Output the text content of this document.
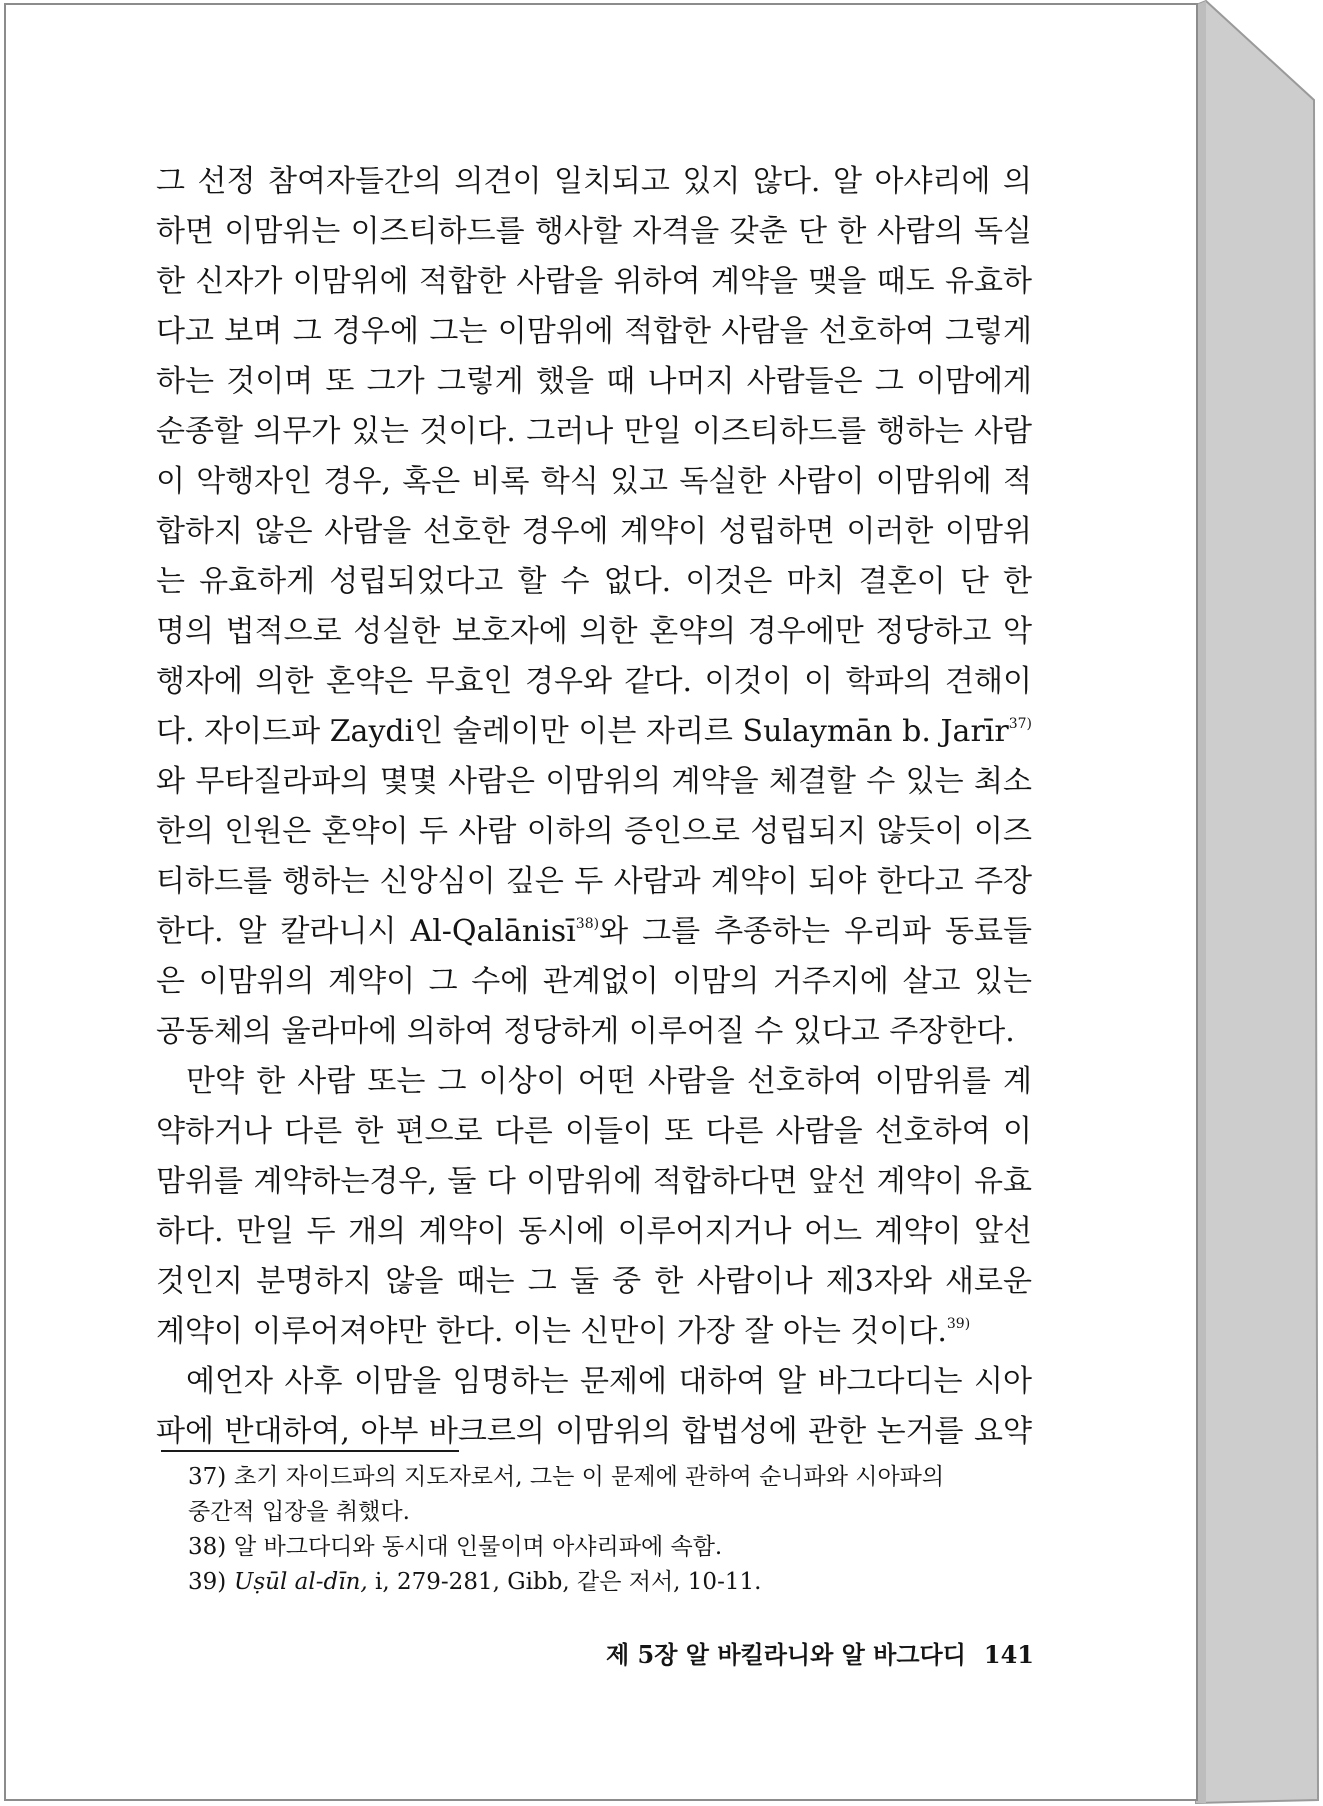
그 선정 참여자들간의 의견이 일치되고 있지 않다. 알 아샤리에 의
하면 이맘위는 이즈티하드를 행사할 자격을 갖춘 단 한 사람의 독실
한 신자가 이맘위에 적합한 사람을 위하여 계약을 맺을 때도 유효하
다고 보며 그 경우에 그는 이맘위에 적합한 사람을 선호하여 그렇게
하는 것이며 또 그가 그렇게 했을 때 나머지 사람들은 그 이맘에게
순종할 의무가 있는 것이다. 그러나 만일 이즈티하드를 행하는 사람
이 악행자인 경우, 혹은 비록 학식 있고 독실한 사람이 이맘위에 적
합하지 않은 사람을 선호한 경우에 계약이 성립하면 이러한 이맘위
는 유효하게 성립되었다고 할 수 없다. 이것은 마치 결혼이 단 한
명의 법적으로 성실한 보호자에 의한 혼약의 경우에만 정당하고 악
행자에 의한 혼약은 무효인 경우와 같다. 이것이 이 학파의 견해이
다. 자이드파 Zaydi인 술레이만 이븐 자리르 Sulaymān b. Jarīr$^{37)}$
와 무타질라파의 몇몇 사람은 이맘위의 계약을 체결할 수 있는 최소
한의 인원은 혼약이 두 사람 이하의 증인으로 성립되지 않듯이 이즈
티하드를 행하는 신앙심이 깊은 두 사람과 계약이 되야 한다고 주장
한다. 알 칼라니시 Al-Qalānisī$^{38)}$와 그를 추종하는 우리파 동료들
은 이맘위의 계약이 그 수에 관계없이 이맘의 거주지에 살고 있는
공동체의 울라마에 의하여 정당하게 이루어질 수 있다고 주장한다.
만약 한 사람 또는 그 이상이 어떤 사람을 선호하여 이맘위를 계
약하거나 다른 한 편으로 다른 이들이 또 다른 사람을 선호하여 이
맘위를 계약하는경우, 둘 다 이맘위에 적합하다면 앞선 계약이 유효
하다. 만일 두 개의 계약이 동시에 이루어지거나 어느 계약이 앞선
것인지 분명하지 않을 때는 그 둘 중 한 사람이나 제3자와 새로운
계약이 이루어져야만 한다. 이는 신만이 가장 잘 아는 것이다.$^{39)}$
예언자 사후 이맘을 임명하는 문제에 대하여 알 바그다디는 시아
파에 반대하여, 아부 바크르의 이맘위의 합법성에 관한 논거를 요약
37) 초기 자이드파의 지도자로서, 그는 이 문제에 관하여 순니파와 시아파의
중간적 입장을 취했다.
38) 알 바그다디와 동시대 인물이며 아샤리파에 속함.
39) Uṣūl al-dīn, i, 279-281, Gibb, 같은 저서, 10-11.
제 5장 알 바킬라니와 알 바그다디 141
